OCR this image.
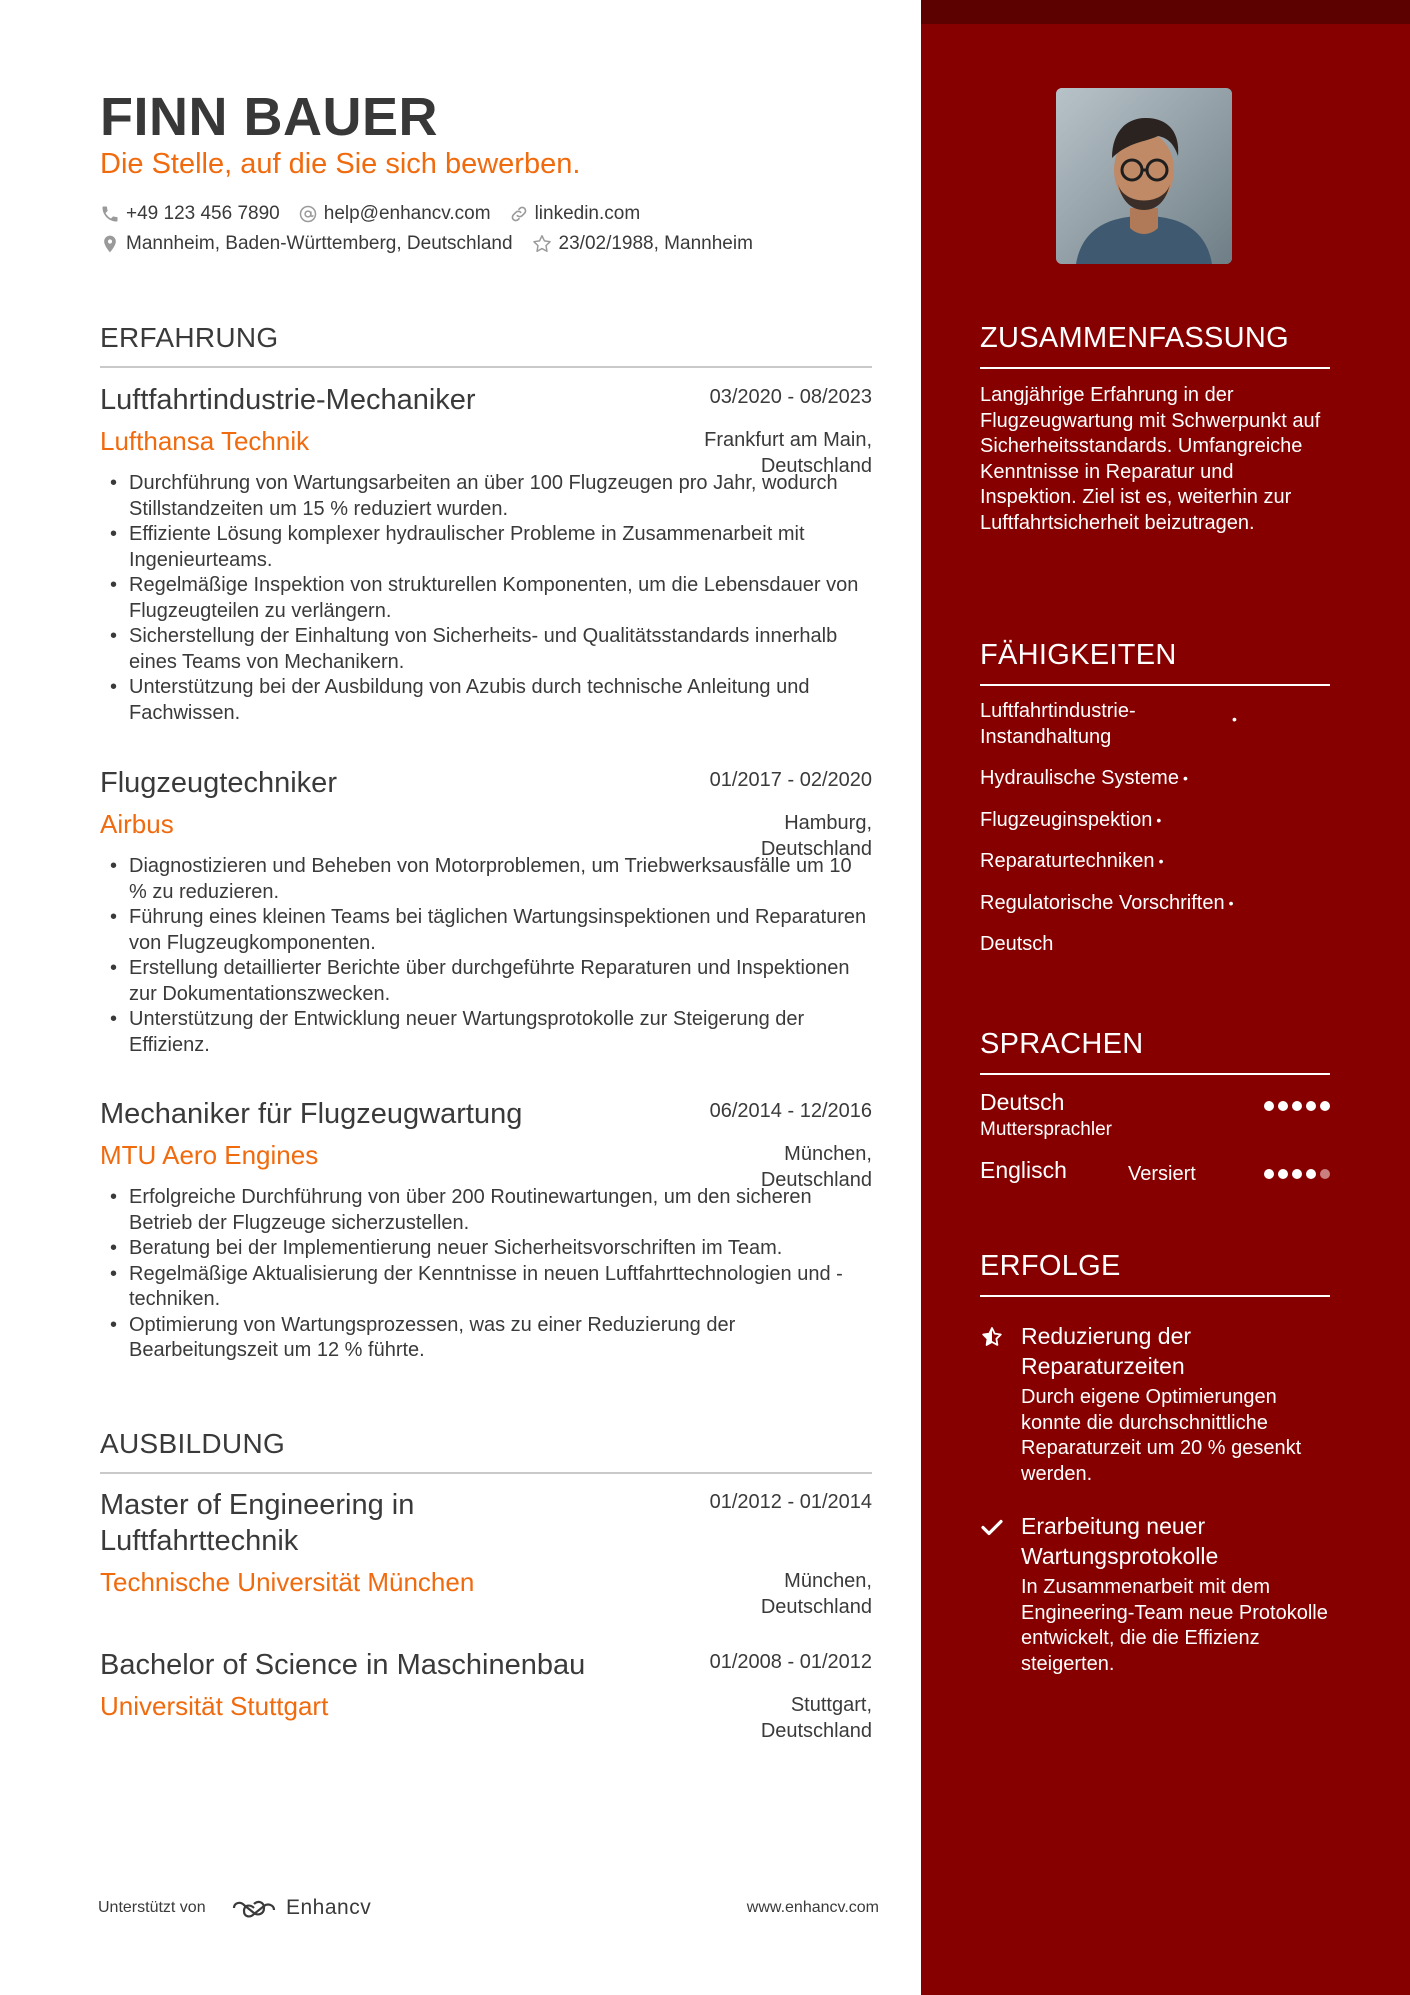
FINN BAUER
Die Stelle, auf die Sie sich bewerben.
+49 123 456 7890 help@enhancv.com linkedin.com
Mannheim, Baden-Württemberg, Deutschland 23/02/1988, Mannheim
ERFAHRUNG
Luftfahrtindustrie-Mechaniker	03/2020 - 08/2023
Lufthansa Technik	Frankfurt am Main,
Deutschland
• Durchführung von Wartungsarbeiten an über 100 Flugzeugen pro Jahr, wodurch Stillstandzeiten um 15 % reduziert wurden.
• Effiziente Lösung komplexer hydraulischer Probleme in Zusammenarbeit mit Ingenieurteams.
• Regelmäßige Inspektion von strukturellen Komponenten, um die Lebensdauer von Flugzeugteilen zu verlängern.
• Sicherstellung der Einhaltung von Sicherheits- und Qualitätsstandards innerhalb eines Teams von Mechanikern.
• Unterstützung bei der Ausbildung von Azubis durch technische Anleitung und Fachwissen.
Flugzeugtechniker	01/2017 - 02/2020
Airbus	Hamburg,
Deutschland
• Diagnostizieren und Beheben von Motorproblemen, um Triebwerksausfälle um 10 % zu reduzieren.
• Führung eines kleinen Teams bei täglichen Wartungsinspektionen und Reparaturen von Flugzeugkomponenten.
• Erstellung detaillierter Berichte über durchgeführte Reparaturen und Inspektionen zur Dokumentationszwecken.
• Unterstützung der Entwicklung neuer Wartungsprotokolle zur Steigerung der Effizienz.
Mechaniker für Flugzeugwartung	06/2014 - 12/2016
MTU Aero Engines	München,
Deutschland
• Erfolgreiche Durchführung von über 200 Routinewartungen, um den sicheren Betrieb der Flugzeuge sicherzustellen.
• Beratung bei der Implementierung neuer Sicherheitsvorschriften im Team.
• Regelmäßige Aktualisierung der Kenntnisse in neuen Luftfahrttechnologien und -techniken.
• Optimierung von Wartungsprozessen, was zu einer Reduzierung der Bearbeitungszeit um 12 % führte.
AUSBILDUNG
Master of Engineering in
Luftfahrttechnik
01/2012 - 01/2014
Technische Universität München	München,
Deutschland
Bachelor of Science in Maschinenbau	01/2008 - 01/2012
Universität Stuttgart	Stuttgart,
Deutschland
Unterstützt von	Enhancv	www.enhancv.com
ZUSAMMENFASSUNG
Langjährige Erfahrung in der Flugzeugwartung mit Schwerpunkt auf Sicherheitsstandards. Umfangreiche Kenntnisse in Reparatur und Inspektion. Ziel ist es, weiterhin zur Luftfahrtsicherheit beizutragen.
FÄHIGKEITEN
Luftfahrtindustrie-Instandhaltung
•
Hydraulische Systeme •
Flugzeuginspektion •
Reparaturtechniken •
Regulatorische Vorschriften •
Deutsch
SPRACHEN
Deutsch
Muttersprachler
Englisch	Versiert
ERFOLGE
Reduzierung der Reparaturzeiten
Durch eigene Optimierungen konnte die durchschnittliche Reparaturzeit um 20 % gesenkt werden.
Erarbeitung neuer Wartungsprotokolle
In Zusammenarbeit mit dem Engineering-Team neue Protokolle entwickelt, die die Effizienz steigerten.
